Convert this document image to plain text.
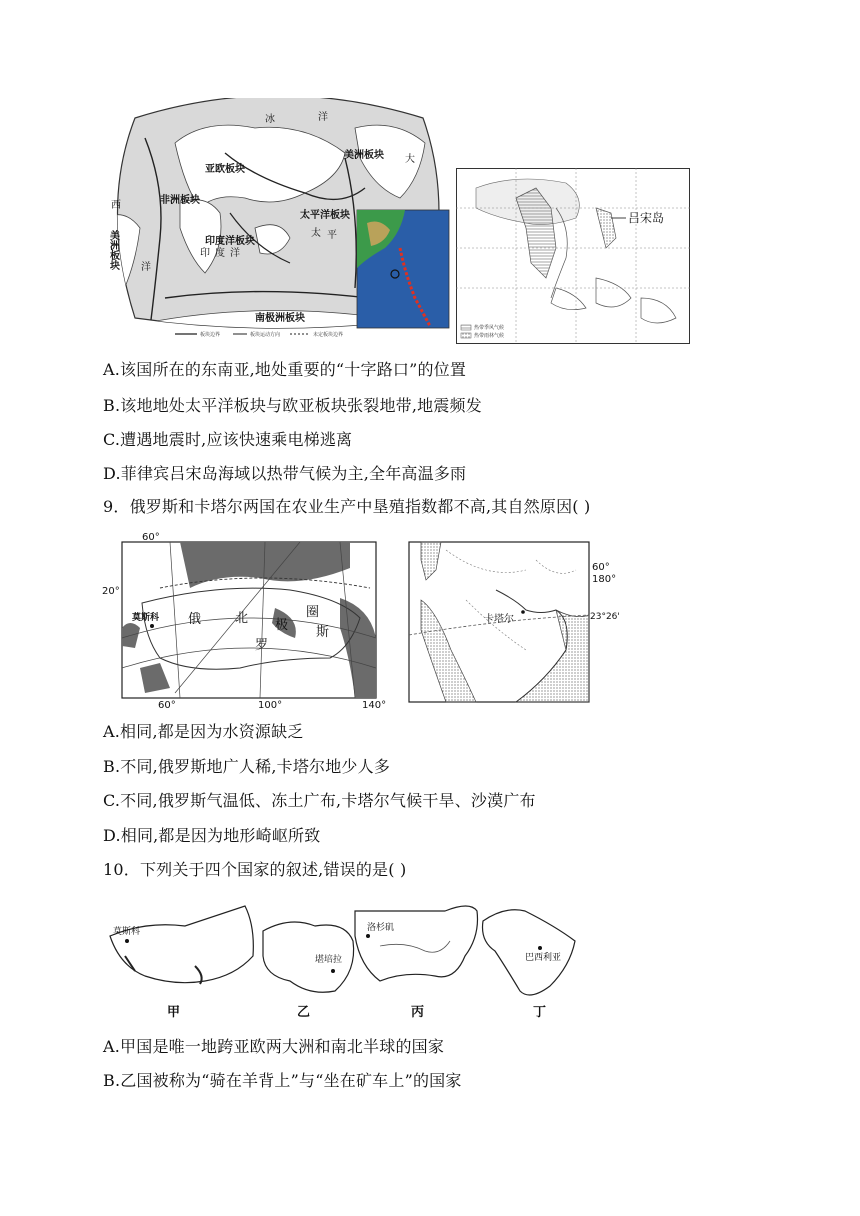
亚欧板块
美洲板块
非洲板块
太平洋板块
印度洋板块
南极洲板块
美洲板块
冰	洋
大
西
洋
印 度 洋
太 平
板块边界	板块运动方向	未定板块边界
吕宋岛
热带季风气候
热带雨林气候
A.该国所在的东南亚,地处重要的“十字路口”的位置
B.该地地处太平洋板块与欧亚板块张裂地带,地震频发
C.遭遇地震时,应该快速乘电梯逃离
D.菲律宾吕宋岛海域以热带气候为主,全年高温多雨
9．俄罗斯和卡塔尔两国在农业生产中垦殖指数都不高,其自然原因( )
60°
20°
60°	100°	140°
莫斯科 俄	北 极
圈
罗
斯
卡塔尔	23°26'
60°
180°
A.相同,都是因为水资源缺乏
B.不同,俄罗斯地广人稀,卡塔尔地少人多
C.不同,俄罗斯气温低、冻土广布,卡塔尔气候干旱、沙漠广布
D.相同,都是因为地形崎岖所致
10．下列关于四个国家的叙述,错误的是( )
莫斯科
甲
堪培拉
乙
洛杉矶
丙
巴西利亚
丁
A.甲国是唯一地跨亚欧两大洲和南北半球的国家
B.乙国被称为“骑在羊背上”与“坐在矿车上”的国家
